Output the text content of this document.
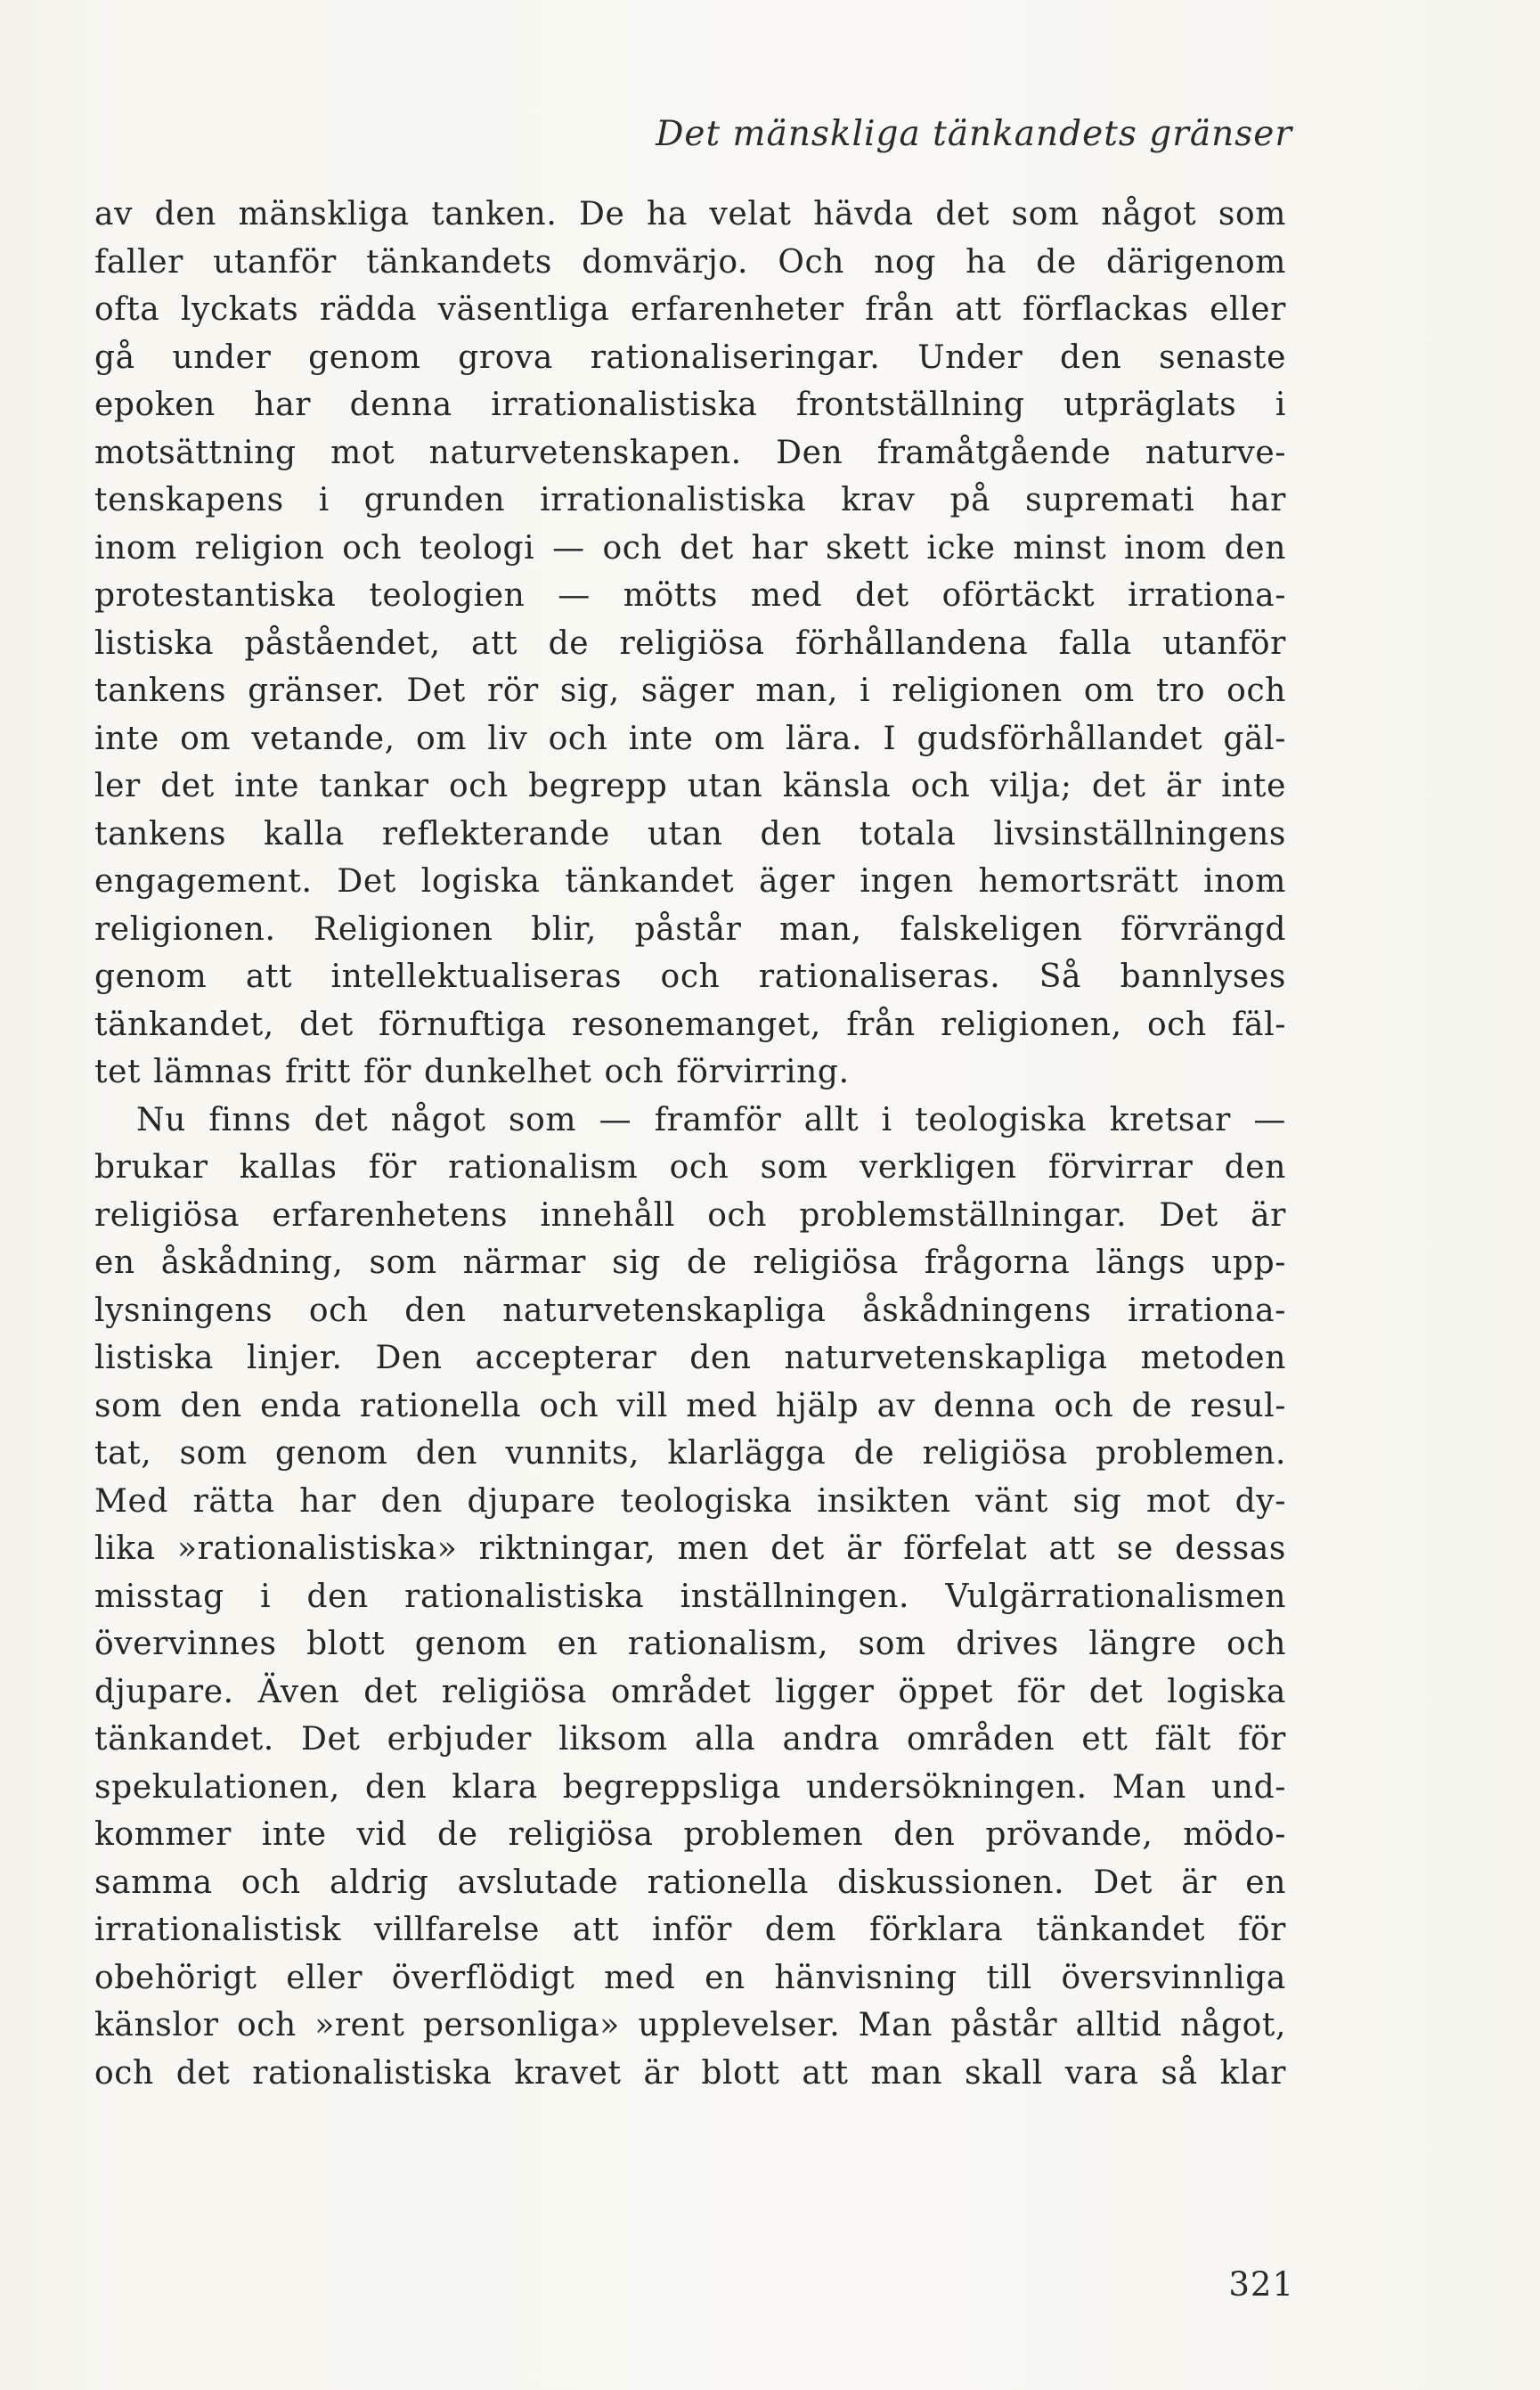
Det mänskliga tänkandets gränser
av den mänskliga tanken. De ha velat hävda det som något som
faller utanför tänkandets domvärjo. Och nog ha de därigenom
ofta lyckats rädda väsentliga erfarenheter från att förflackas eller
gå under genom grova rationaliseringar. Under den senaste
epoken har denna irrationalistiska frontställning utpräglats i
motsättning mot naturvetenskapen. Den framåtgående naturve-
tenskapens i grunden irrationalistiska krav på supremati har
inom religion och teologi — och det har skett icke minst inom den
protestantiska teologien — mötts med det oförtäckt irrationa-
listiska påståendet, att de religiösa förhållandena falla utanför
tankens gränser. Det rör sig, säger man, i religionen om tro och
inte om vetande, om liv och inte om lära. I gudsförhållandet gäl-
ler det inte tankar och begrepp utan känsla och vilja; det är inte
tankens kalla reflekterande utan den totala livsinställningens
engagement. Det logiska tänkandet äger ingen hemortsrätt inom
religionen. Religionen blir, påstår man, falskeligen förvrängd
genom att intellektualiseras och rationaliseras. Så bannlyses
tänkandet, det förnuftiga resonemanget, från religionen, och fäl-
tet lämnas fritt för dunkelhet och förvirring.
Nu finns det något som — framför allt i teologiska kretsar —
brukar kallas för rationalism och som verkligen förvirrar den
religiösa erfarenhetens innehåll och problemställningar. Det är
en åskådning, som närmar sig de religiösa frågorna längs upp-
lysningens och den naturvetenskapliga åskådningens irrationa-
listiska linjer. Den accepterar den naturvetenskapliga metoden
som den enda rationella och vill med hjälp av denna och de resul-
tat, som genom den vunnits, klarlägga de religiösa problemen.
Med rätta har den djupare teologiska insikten vänt sig mot dy-
lika »rationalistiska» riktningar, men det är förfelat att se dessas
misstag i den rationalistiska inställningen. Vulgärrationalismen
övervinnes blott genom en rationalism, som drives längre och
djupare. Även det religiösa området ligger öppet för det logiska
tänkandet. Det erbjuder liksom alla andra områden ett fält för
spekulationen, den klara begreppsliga undersökningen. Man und-
kommer inte vid de religiösa problemen den prövande, mödo-
samma och aldrig avslutade rationella diskussionen. Det är en
irrationalistisk villfarelse att inför dem förklara tänkandet för
obehörigt eller överflödigt med en hänvisning till översvinnliga
känslor och »rent personliga» upplevelser. Man påstår alltid något,
och det rationalistiska kravet är blott att man skall vara så klar
321
